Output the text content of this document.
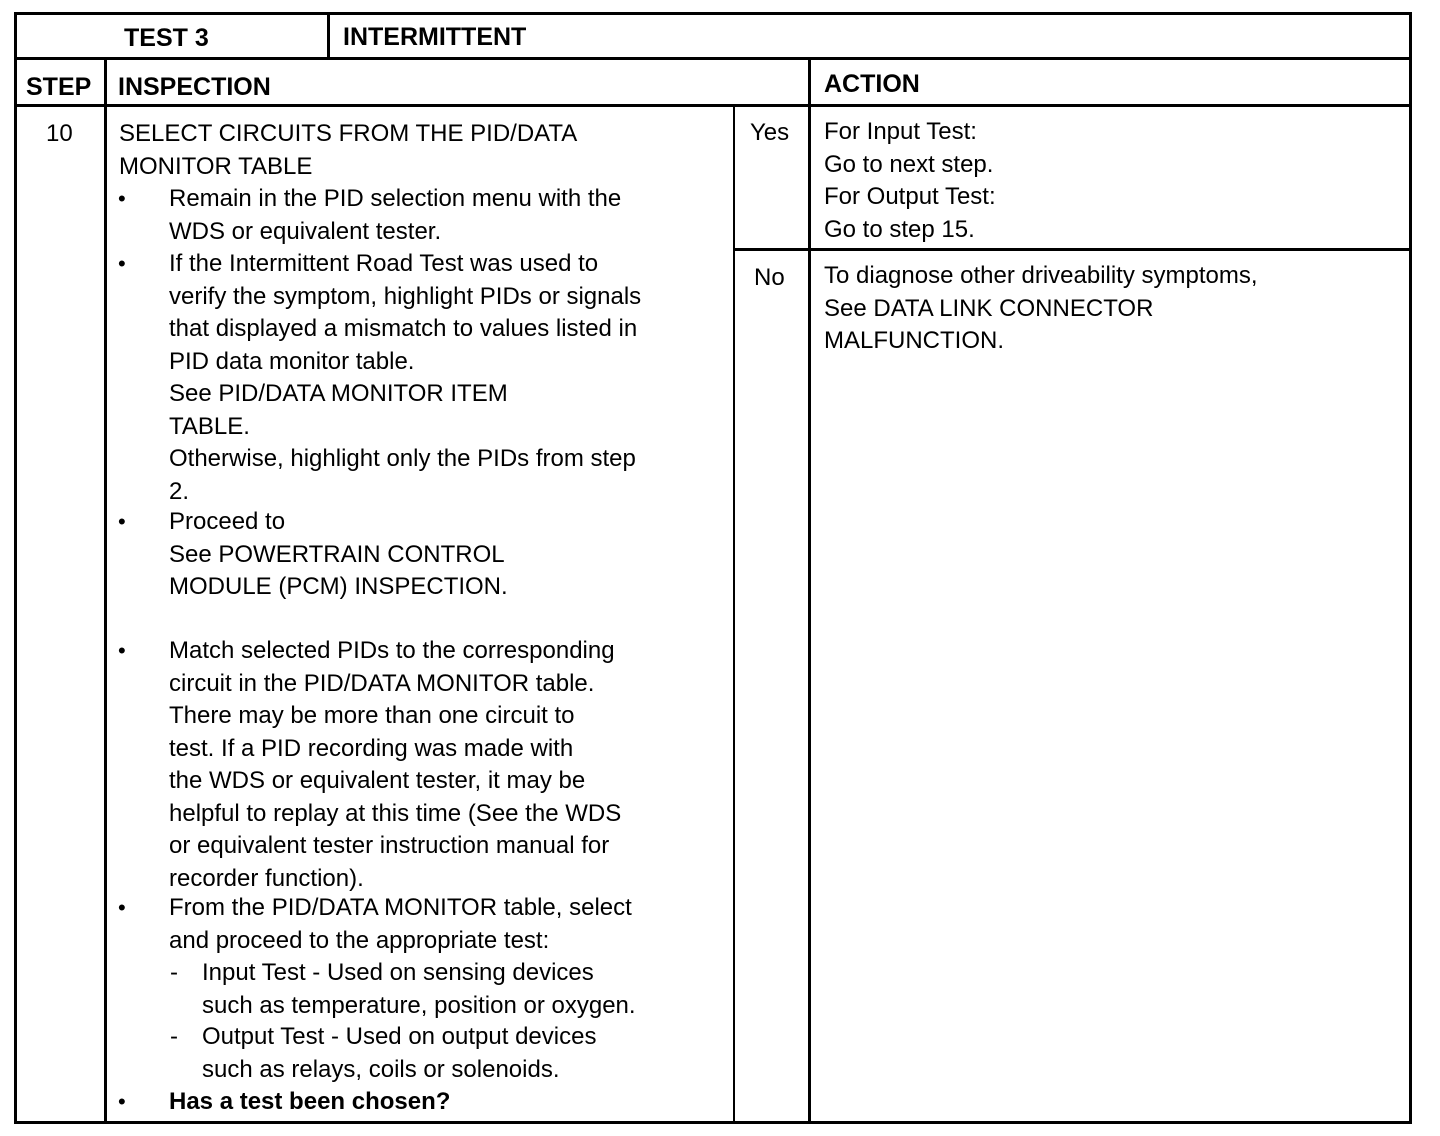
TEST 3	INTERMITTENT
STEP INSPECTION	ACTION
10 SELECT CIRCUITS FROM THE PID/DATA
MONITOR TABLE
• Remain in the PID selection menu with the
WDS or equivalent tester.
• If the Intermittent Road Test was used to
verify the symptom, highlight PIDs or signals
that displayed a mismatch to values listed in
PID data monitor table.
See PID/DATA MONITOR ITEM
TABLE.
Otherwise, highlight only the PIDs from step
2.
• Proceed to
See POWERTRAIN CONTROL
MODULE (PCM) INSPECTION.
• Match selected PIDs to the corresponding
circuit in the PID/DATA MONITOR table.
There may be more than one circuit to
test. If a PID recording was made with
the WDS or equivalent tester, it may be
helpful to replay at this time (See the WDS
or equivalent tester instruction manual for
recorder function).
• From the PID/DATA MONITOR table, select
and proceed to the appropriate test:
- Input Test - Used on sensing devices
such as temperature, position or oxygen.
- Output Test - Used on output devices
such as relays, coils or solenoids.
• Has a test been chosen?
Yes
No
For Input Test:
Go to next step.
For Output Test:
Go to step 15.
To diagnose other driveability symptoms,
See DATA LINK CONNECTOR
MALFUNCTION.
